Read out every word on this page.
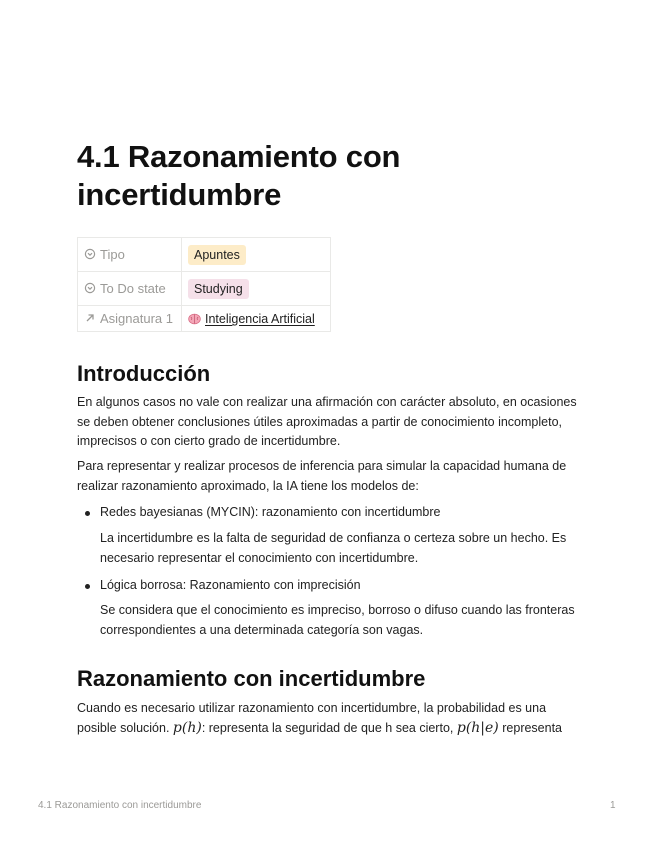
4.1 Razonamiento con incertidumbre
Tipo	Apuntes
To Do state	Studying
Asignatura 1	Inteligencia Artificial
Introducción

En algunos casos no vale con realizar una afirmación con carácter absoluto, en ocasiones se deben obtener conclusiones útiles aproximadas a partir de conocimiento incompleto, imprecisos o con cierto grado de incertidumbre.

Para representar y realizar procesos de inferencia para simular la capacidad humana de realizar razonamiento aproximado, la IA tiene los modelos de:

Redes bayesianas (MYCIN): razonamiento con incertidumbre

La incertidumbre es la falta de seguridad de confianza o certeza sobre un hecho. Es necesario representar el conocimiento con incertidumbre.

Lógica borrosa: Razonamiento con imprecisión

Se considera que el conocimiento es impreciso, borroso o difuso cuando las fronteras correspondientes a una determinada categoría son vagas.

Razonamiento con incertidumbre

Cuando es necesario utilizar razonamiento con incertidumbre, la probabilidad es una posible solución. p(h): representa la seguridad de que h sea cierto, p(h|e) representa

4.1 Razonamiento con incertidumbre	1
